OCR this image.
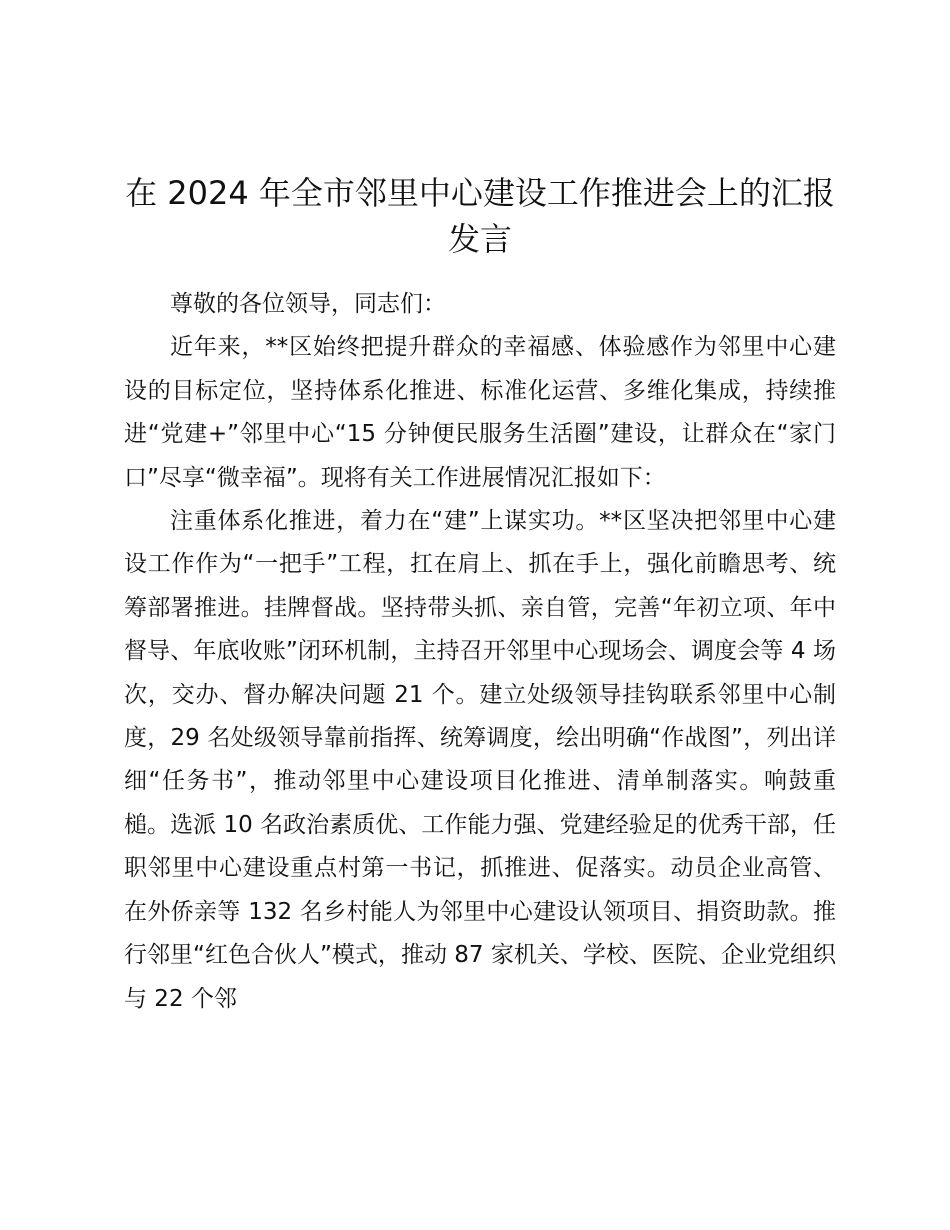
在 2024 年全市邻里中心建设工作推进会上的汇报发言

尊敬的各位领导，同志们：

近年来，**区始终把提升群众的幸福感、体验感作为邻里中心建设的目标定位，坚持体系化推进、标准化运营、多维化集成，持续推进“党建+”邻里中心“15 分钟便民服务生活圈”建设，让群众在“家门口”尽享“微幸福”。现将有关工作进展情况汇报如下：

注重体系化推进，着力在“建”上谋实功。**区坚决把邻里中心建设工作作为“一把手”工程，扛在肩上、抓在手上，强化前瞻思考、统筹部署推进。挂牌督战。坚持带头抓、亲自管，完善“年初立项、年中督导、年底收账”闭环机制，主持召开邻里中心现场会、调度会等 4 场次，交办、督办解决问题 21 个。建立处级领导挂钩联系邻里中心制度，29 名处级领导靠前指挥、统筹调度，绘出明确“作战图”，列出详细“任务书”，推动邻里中心建设项目化推进、清单制落实。响鼓重槌。选派 10 名政治素质优、工作能力强、党建经验足的优秀干部，任职邻里中心建设重点村第一书记，抓推进、促落实。动员企业高管、在外侨亲等 132 名乡村能人为邻里中心建设认领项目、捐资助款。推行邻里“红色合伙人”模式，推动 87 家机关、学校、医院、企业党组织与 22 个邻
